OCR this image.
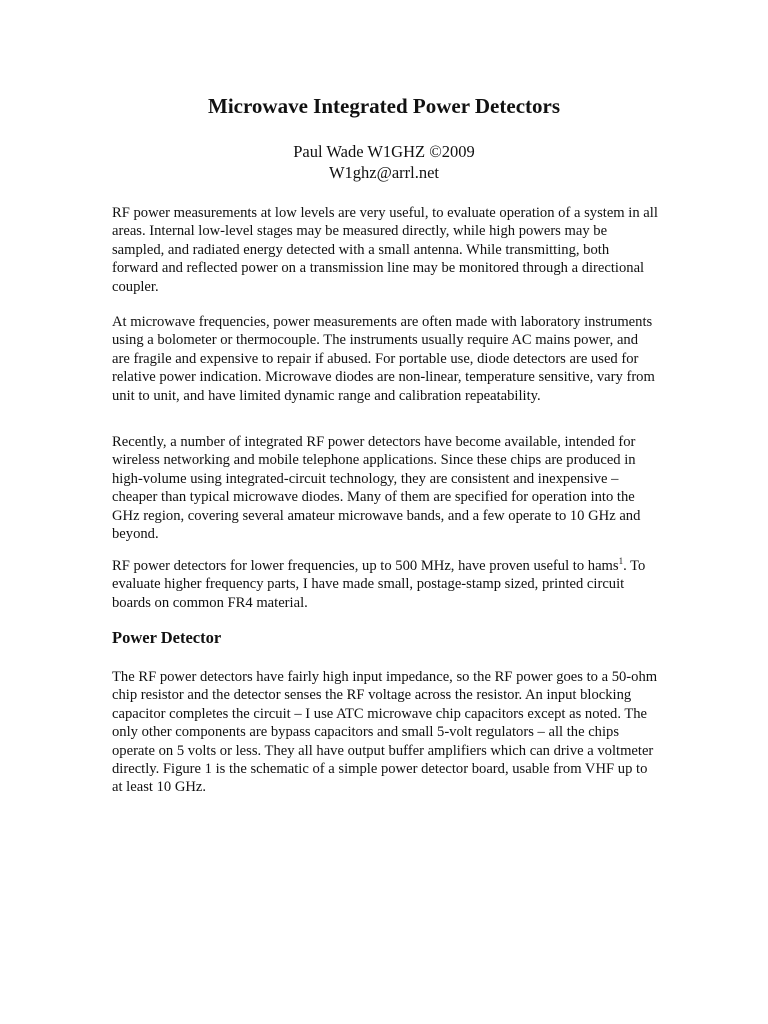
Microwave Integrated Power Detectors
Paul Wade W1GHZ ©2009
W1ghz@arrl.net

RF power measurements at low levels are very useful, to evaluate operation of a system in all areas. Internal low-level stages may be measured directly, while high powers may be sampled, and radiated energy detected with a small antenna. While transmitting, both forward and reflected power on a transmission line may be monitored through a directional coupler.

At microwave frequencies, power measurements are often made with laboratory instruments using a bolometer or thermocouple. The instruments usually require AC mains power, and are fragile and expensive to repair if abused. For portable use, diode detectors are used for relative power indication. Microwave diodes are non-linear, temperature sensitive, vary from unit to unit, and have limited dynamic range and calibration repeatability.

Recently, a number of integrated RF power detectors have become available, intended for wireless networking and mobile telephone applications. Since these chips are produced in high-volume using integrated-circuit technology, they are consistent and inexpensive – cheaper than typical microwave diodes. Many of them are specified for operation into the GHz region, covering several amateur microwave bands, and a few operate to 10 GHz and beyond.

RF power detectors for lower frequencies, up to 500 MHz, have proven useful to hams$^1$. To evaluate higher frequency parts, I have made small, postage-stamp sized, printed circuit boards on common FR4 material.

Power Detector

The RF power detectors have fairly high input impedance, so the RF power goes to a 50-ohm chip resistor and the detector senses the RF voltage across the resistor. An input blocking capacitor completes the circuit – I use ATC microwave chip capacitors except as noted. The only other components are bypass capacitors and small 5-volt regulators – all the chips operate on 5 volts or less. They all have output buffer amplifiers which can drive a voltmeter directly. Figure 1 is the schematic of a simple power detector board, usable from VHF up to at least 10 GHz.
